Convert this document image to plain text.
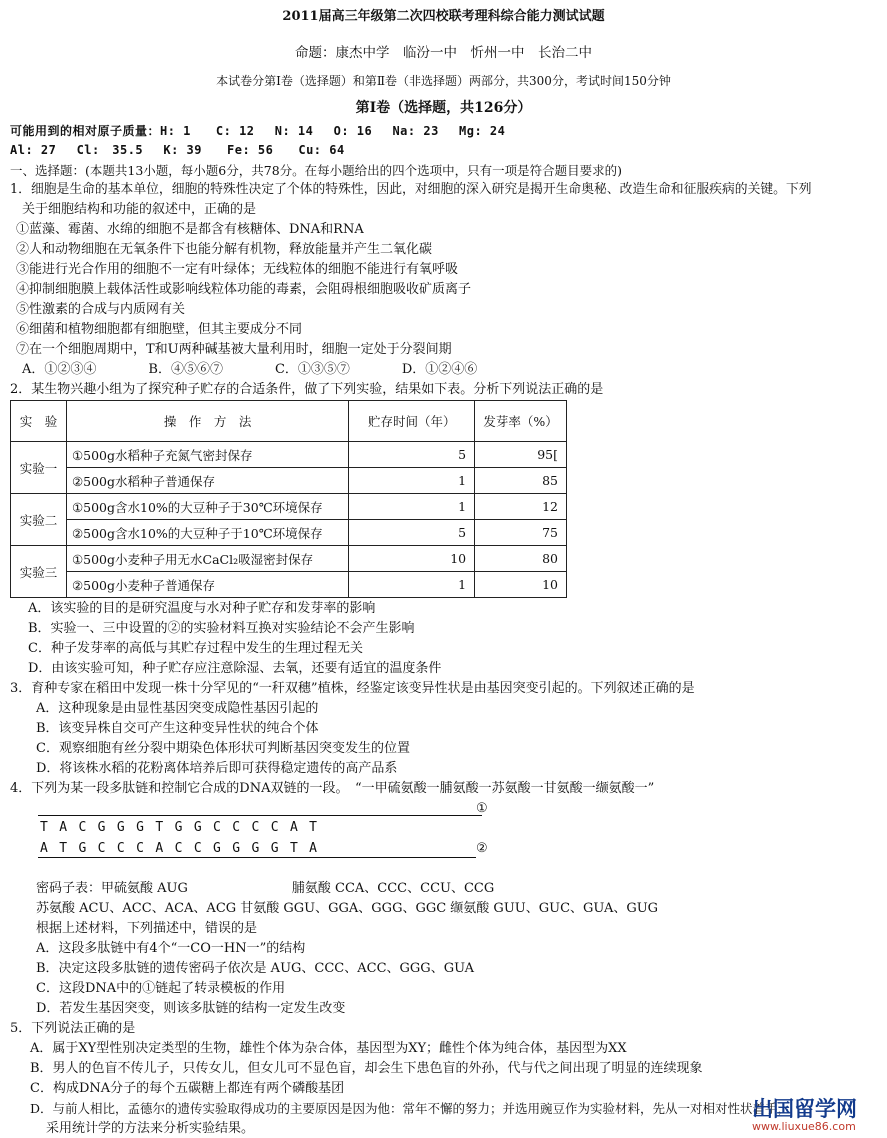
2011届高三年级第二次四校联考理科综合能力测试试题
命题：康杰中学　临汾一中　忻州一中　长治二中
本试卷分第Ⅰ卷（选择题）和第Ⅱ卷（非选择题）两部分，共300分，考试时间150分钟
第Ⅰ卷（选择题，共126分）
可能用到的相对原子质量：H: 1　　C: 12　 N: 14　 O: 16　 Na: 23　 Mg: 24
Al: 27　 Cl:　35.5　 K: 39　　Fe: 56　　Cu: 64
一、选择题：(本题共13小题，每小题6分，共78分。在每小题给出的四个选项中，只有一项是符合题目要求的)
1．细胞是生命的基本单位，细胞的特殊性决定了个体的特殊性，因此，对细胞的深入研究是揭开生命奥秘、改造生命和征服疾病的关键。下列
关于细胞结构和功能的叙述中，正确的是
①蓝藻、霉菌、水绵的细胞不是都含有核糖体、DNA和RNA
②人和动物细胞在无氧条件下也能分解有机物，释放能量并产生二氧化碳
③能进行光合作用的细胞不一定有叶绿体；无线粒体的细胞不能进行有氧呼吸
④抑制细胞膜上载体活性或影响线粒体功能的毒素，会阻碍根细胞吸收矿质离子
⑤性激素的合成与内质网有关
⑥细菌和植物细胞都有细胞壁，但其主要成分不同
⑦在一个细胞周期中，T和U两种碱基被大量利用时，细胞一定处于分裂间期
A．①②③④　　　　B．④⑤⑥⑦　　　　C．①③⑤⑦　　　　D．①②④⑥
2．某生物兴趣小组为了探究种子贮存的合适条件，做了下列实验，结果如下表。分析下列说法正确的是
实　验	操　作　方　法	贮存时间（年）	发芽率（%）
实验一	①500g水稻种子充氮气密封保存	5	95[
	②500g水稻种子普通保存	1	85
实验二	①500g含水10%的大豆种子于30℃环境保存	1	12
	②500g含水10%的大豆种子于10℃环境保存	5	75
实验三	①500g小麦种子用无水CaCl₂吸湿密封保存	10	80
	②500g小麦种子普通保存	1	10
A．该实验的目的是研究温度与水对种子贮存和发芽率的影响
B．实验一、三中设置的②的实验材料互换对实验结论不会产生影响
C．种子发芽率的高低与其贮存过程中发生的生理过程无关
D．由该实验可知，种子贮存应注意除湿、去氧，还要有适宜的温度条件
3．育种专家在稻田中发现一株十分罕见的“一秆双穗”植株，经鉴定该变异性状是由基因突变引起的。下列叙述正确的是
A．这种现象是由显性基因突变成隐性基因引起的
B．该变异株自交可产生这种变异性状的纯合个体
C．观察细胞有丝分裂中期染色体形状可判断基因突变发生的位置
D．将该株水稻的花粉离体培养后即可获得稳定遗传的高产品系
4．下列为某一段多肽链和控制它合成的DNA双链的一段。　“一甲硫氨酸一脯氨酸一苏氨酸一甘氨酸一缬氨酸一”
①
TACGGGTGGCCCCAT
ATGCCCACCGGGGTA	②
密码子表：甲硫氨酸 AUG　　　　　　　　脯氨酸 CCA、CCC、CCU、CCG
苏氨酸 ACU、ACC、ACA、ACG 甘氨酸 GGU、GGA、GGG、GGC 缬氨酸 GUU、GUC、GUA、GUG
根据上述材料，下列描述中，错误的是
A．这段多肽链中有4个“一CO一HN一”的结构
B．决定这段多肽链的遗传密码子依次是 AUG、CCC、ACC、GGG、GUA
C．这段DNA中的①链起了转录模板的作用
D．若发生基因突变，则该多肽链的结构一定发生改变
5．下列说法正确的是
A．属于XY型性别决定类型的生物，雄性个体为杂合体，基因型为XY；雌性个体为纯合体，基因型为XX
B．男人的色盲不传儿子，只传女儿，但女儿可不显色盲，却会生下患色盲的外孙，代与代之间出现了明显的连续现象
C．构成DNA分子的每个五碳糖上都连有两个磷酸基团
D．与前人相比，孟德尔的遗传实验取得成功的主要原因是因为他：常年不懈的努力；并选用豌豆作为实验材料，先从一对相对性状着手，
采用统计学的方法来分析实验结果。
出国留学网
www.liuxue86.com
